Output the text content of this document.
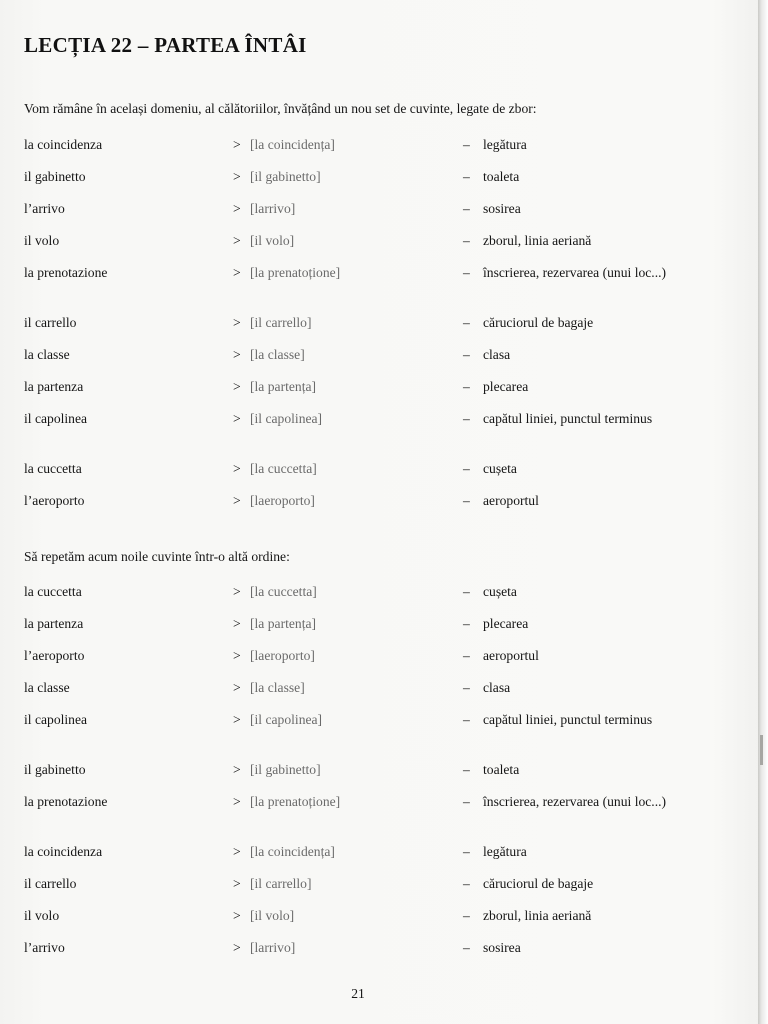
LECȚIA 22 – PARTEA ÎNTÂI

Vom rămâne în același domeniu, al călătoriilor, învățând un nou set de cuvinte, legate de zbor:

la coincidenza	> [la coincidența]	– legătura
il gabinetto	> [il gabinetto]	– toaleta
l’arrivo	> [larrivo]	– sosirea
il volo	> [il volo]	– zborul, linia aeriană
la prenotazione	> [la prenatoțione]	– înscrierea, rezervarea (unui loc...)
il carrello	> [il carrello]	– căruciorul de bagaje
la classe	> [la classe]	– clasa
la partenza	> [la partența]	– plecarea
il capolinea	> [il capolinea]	– capătul liniei, punctul terminus
la cuccetta	> [la cuccetta]	– cușeta
l’aeroporto	> [laeroporto]	– aeroportul

Să repetăm acum noile cuvinte într-o altă ordine:

la cuccetta	> [la cuccetta]	– cușeta
la partenza	> [la partența]	– plecarea
l’aeroporto	> [laeroporto]	– aeroportul
la classe	> [la classe]	– clasa
il capolinea	> [il capolinea]	– capătul liniei, punctul terminus
il gabinetto	> [il gabinetto]	– toaleta
la prenotazione	> [la prenatoțione]	– înscrierea, rezervarea (unui loc...)
la coincidenza	> [la coincidența]	– legătura
il carrello	> [il carrello]	– căruciorul de bagaje
il volo	> [il volo]	– zborul, linia aeriană
l’arrivo	> [larrivo]	– sosirea
21
